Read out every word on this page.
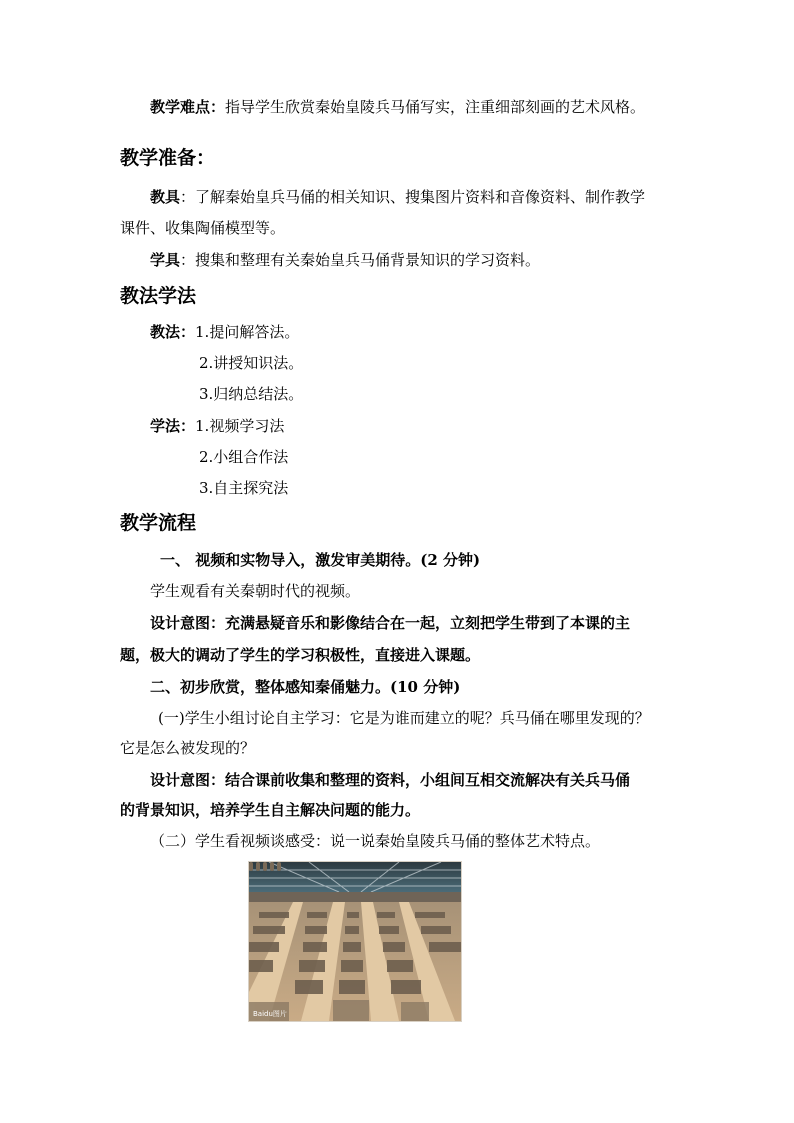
教学难点：指导学生欣赏秦始皇陵兵马俑写实，注重细部刻画的艺术风格。
教学准备：
教具：了解秦始皇兵马俑的相关知识、搜集图片资料和音像资料、制作教学
课件、收集陶俑模型等。
学具：搜集和整理有关秦始皇兵马俑背景知识的学习资料。
教法学法
教法：1.提问解答法。
2.讲授知识法。
3.归纳总结法。
学法：1.视频学习法
2.小组合作法
3.自主探究法
教学流程
一、 视频和实物导入，激发审美期待。(2 分钟)
学生观看有关秦朝时代的视频。
设计意图：充满悬疑音乐和影像结合在一起，立刻把学生带到了本课的主
题，极大的调动了学生的学习积极性，直接进入课题。
二、初步欣赏，整体感知秦俑魅力。(10 分钟)
(一)学生小组讨论自主学习：它是为谁而建立的呢？兵马俑在哪里发现的？
它是怎么被发现的？
设计意图：结合课前收集和整理的资料，小组间互相交流解决有关兵马俑
的背景知识，培养学生自主解决问题的能力。
（二）学生看视频谈感受：说一说秦始皇陵兵马俑的整体艺术特点。
Baidu图片
